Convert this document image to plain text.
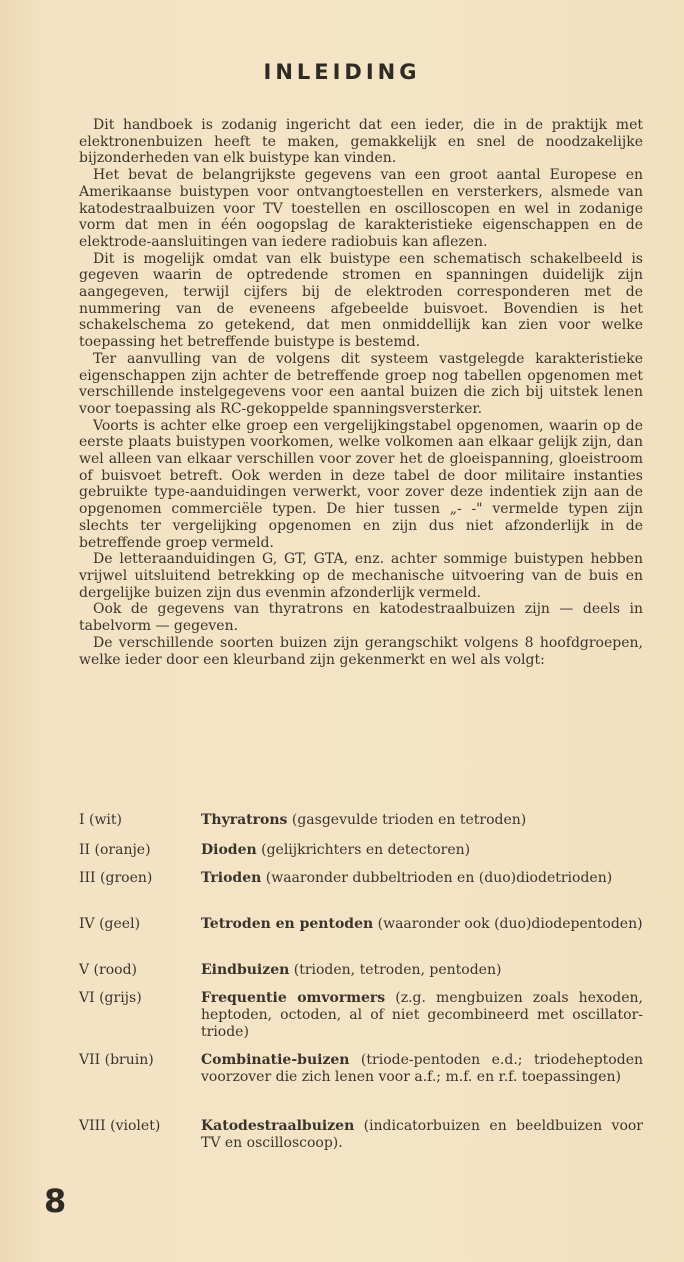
INLEIDING

Dit handboek is zodanig ingericht dat een ieder, die in de praktijk met elektronenbuizen heeft te maken, gemakkelijk en snel de noodzakelijke bijzonderheden van elk buistype kan vinden.

Het bevat de belangrijkste gegevens van een groot aantal Europese en Amerikaanse buistypen voor ontvangtoestellen en versterkers, alsmede van katodestraalbuizen voor TV toestellen en oscilloscopen en wel in zodanige vorm dat men in één oogopslag de karakteristieke eigenschappen en de elektrode-aansluitingen van iedere radiobuis kan aflezen.

Dit is mogelijk omdat van elk buistype een schematisch schakelbeeld is gegeven waarin de optredende stromen en spanningen duidelijk zijn aangegeven, terwijl cijfers bij de elektroden corresponderen met de nummering van de eveneens afgebeelde buisvoet. Bovendien is het schakelschema zo getekend, dat men onmiddellijk kan zien voor welke toepassing het betreffende buistype is bestemd.

Ter aanvulling van de volgens dit systeem vastgelegde karakteristieke eigenschappen zijn achter de betreffende groep nog tabellen opgenomen met verschillende instelgegevens voor een aantal buizen die zich bij uitstek lenen voor toepassing als RC-gekoppelde spanningsversterker.

Voorts is achter elke groep een vergelijkingstabel opgenomen, waarin op de eerste plaats buistypen voorkomen, welke volkomen aan elkaar gelijk zijn, dan wel alleen van elkaar verschillen voor zover het de gloeispanning, gloeistroom of buisvoet betreft. Ook werden in deze tabel de door militaire instanties gebruikte type-aanduidingen verwerkt, voor zover deze indentiek zijn aan de opgenomen commerciële typen. De hier tussen „- -" vermelde typen zijn slechts ter vergelijking opgenomen en zijn dus niet afzonderlijk in de betreffende groep vermeld.

De letteraanduidingen G, GT, GTA, enz. achter sommige buistypen hebben vrijwel uitsluitend betrekking op de mechanische uitvoering van de buis en dergelijke buizen zijn dus evenmin afzonderlijk vermeld.

Ook de gegevens van thyratrons en katodestraalbuizen zijn — deels in tabelvorm — gegeven.

De verschillende soorten buizen zijn gerangschikt volgens 8 hoofdgroepen, welke ieder door een kleurband zijn gekenmerkt en wel als volgt:

I (wit)	Thyratrons (gasgevulde trioden en tetroden)
II (oranje)	Dioden (gelijkrichters en detectoren)
III (groen)	Trioden (waaronder dubbeltrioden en (duo)diodetrioden)
IV (geel)	Tetroden en pentoden (waaronder ook (duo)diodepentoden)
V (rood)	Eindbuizen (trioden, tetroden, pentoden)
VI (grijs)	Frequentie omvormers (z.g. mengbuizen zoals hexoden, heptoden, octoden, al of niet gecombineerd met oscillator-triode)
VII (bruin)	Combinatie-buizen (triode-pentoden e.d.; triodeheptoden voorzover die zich lenen voor a.f.; m.f. en r.f. toepassingen)
VIII (violet)	Katodestraalbuizen (indicatorbuizen en beeldbuizen voor TV en oscilloscoop).
8
